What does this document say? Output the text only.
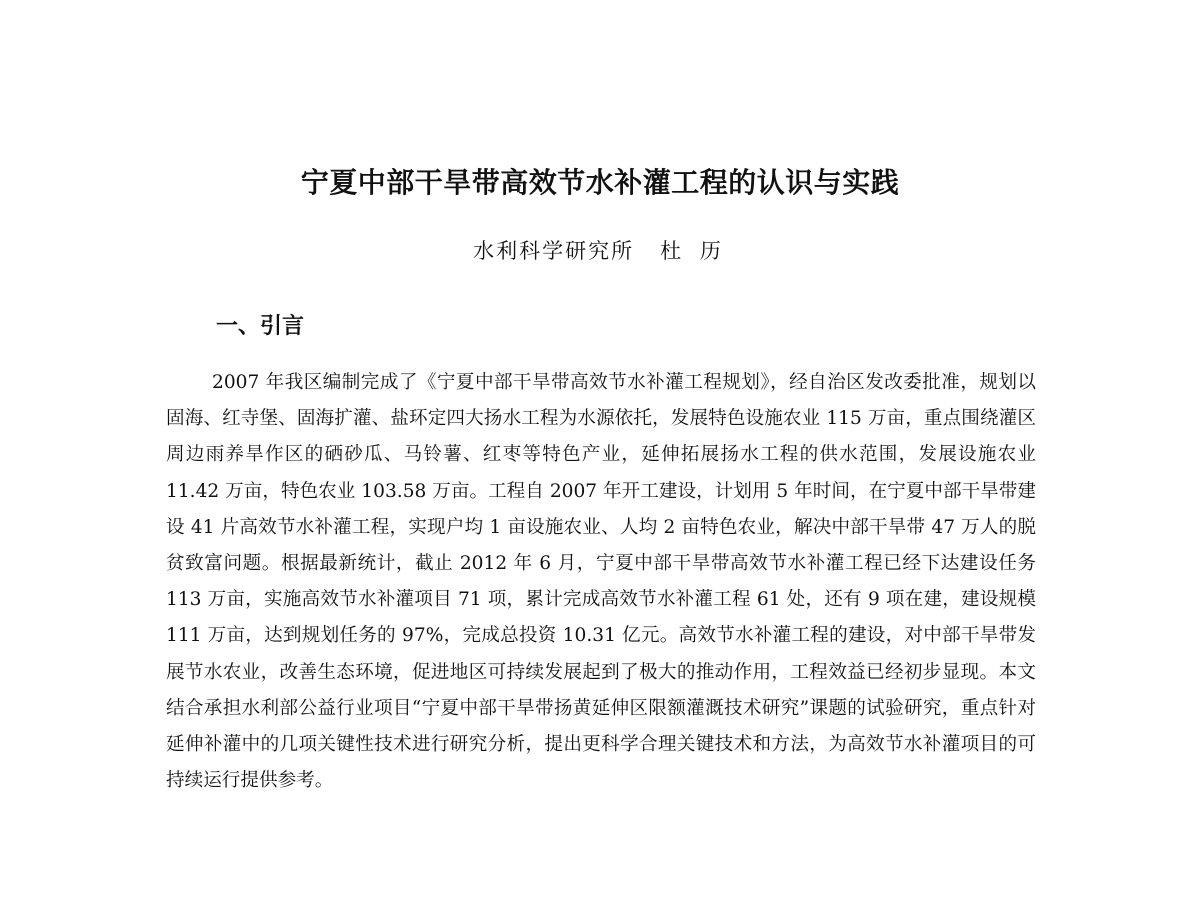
宁夏中部干旱带高效节水补灌工程的认识与实践
水利科学研究所 杜 历
一、引言

2007 年我区编制完成了《宁夏中部干旱带高效节水补灌工程规划》，经自治区发改委批准，规划以固海、红寺堡、固海扩灌、盐环定四大扬水工程为水源依托，发展特色设施农业 115 万亩，重点围绕灌区周边雨养旱作区的硒砂瓜、马铃薯、红枣等特色产业，延伸拓展扬水工程的供水范围，发展设施农业 11.42 万亩，特色农业 103.58 万亩。工程自 2007 年开工建设，计划用 5 年时间，在宁夏中部干旱带建设 41 片高效节水补灌工程，实现户均 1 亩设施农业、人均 2 亩特色农业，解决中部干旱带 47 万人的脱贫致富问题。根据最新统计，截止 2012 年 6 月，宁夏中部干旱带高效节水补灌工程已经下达建设任务 113 万亩，实施高效节水补灌项目 71 项，累计完成高效节水补灌工程 61 处，还有 9 项在建，建设规模 111 万亩，达到规划任务的 97%，完成总投资 10.31 亿元。高效节水补灌工程的建设，对中部干旱带发展节水农业，改善生态环境，促进地区可持续发展起到了极大的推动作用，工程效益已经初步显现。本文结合承担水利部公益行业项目“宁夏中部干旱带扬黄延伸区限额灌溉技术研究”课题的试验研究，重点针对延伸补灌中的几项关键性技术进行研究分析，提出更科学合理关键技术和方法，为高效节水补灌项目的可持续运行提供参考。
